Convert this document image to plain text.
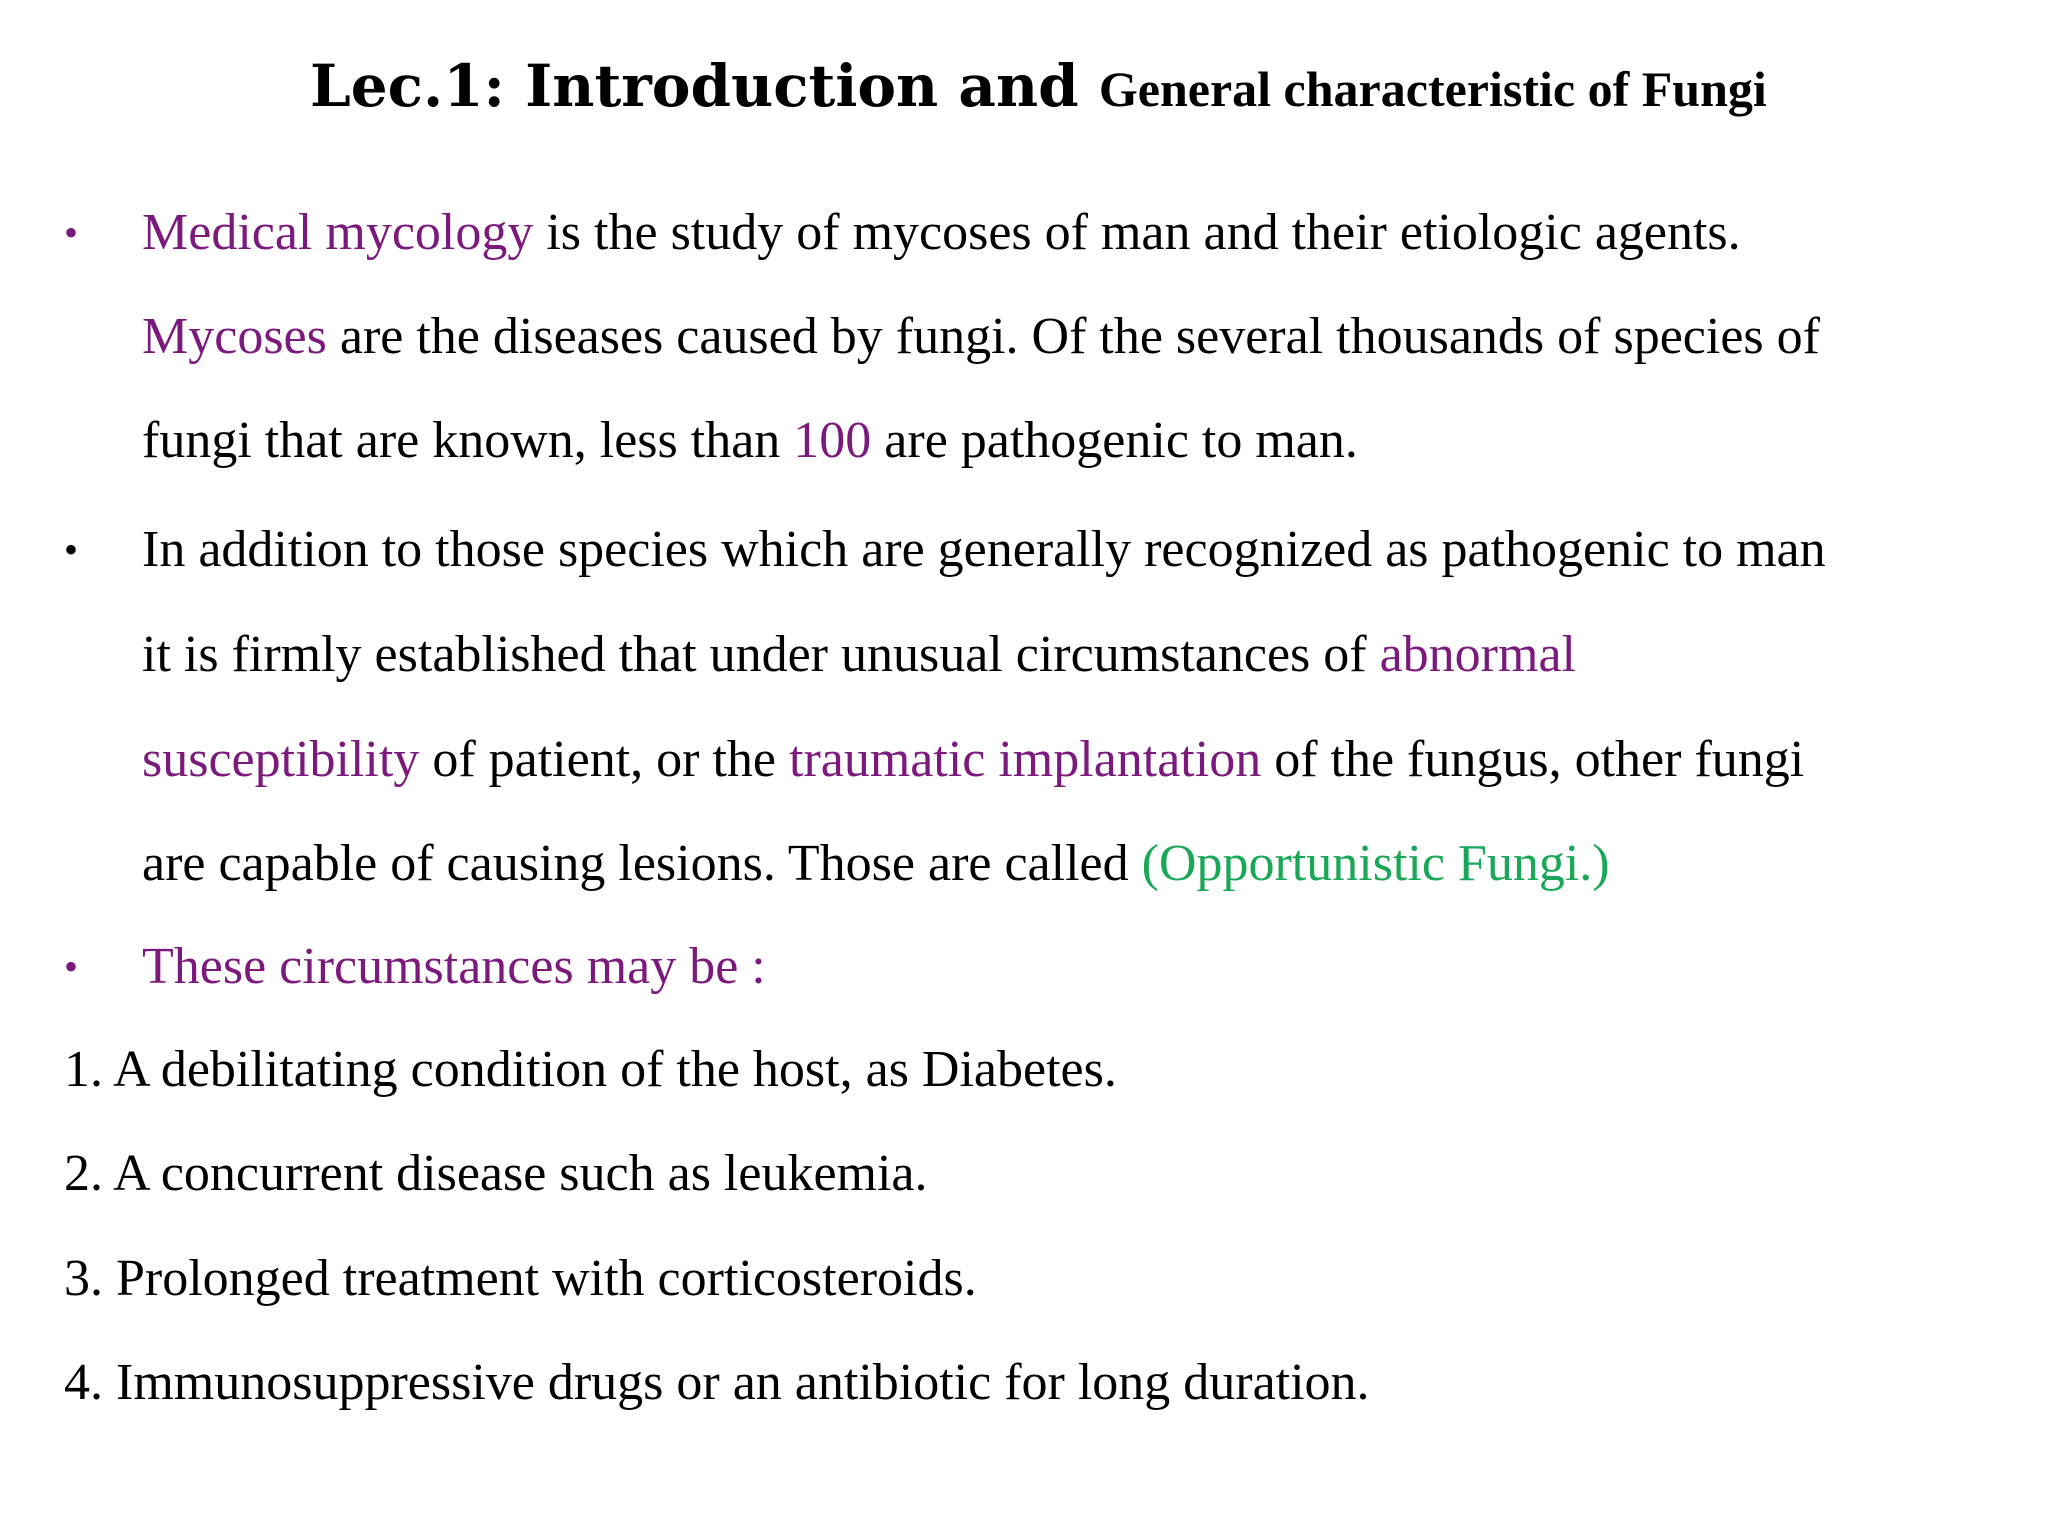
Lec.1: Introduction and General characteristic of Fungi
• Medical mycology is the study of mycoses of man and their etiologic agents.
Mycoses are the diseases caused by fungi. Of the several thousands of species of
fungi that are known, less than 100 are pathogenic to man.
• In addition to those species which are generally recognized as pathogenic to man
it is firmly established that under unusual circumstances of abnormal
susceptibility of patient, or the traumatic implantation of the fungus, other fungi
are capable of causing lesions. Those are called (Opportunistic Fungi.)
• These circumstances may be :
1. A debilitating condition of the host, as Diabetes.
2. A concurrent disease such as leukemia.
3. Prolonged treatment with corticosteroids.
4. Immunosuppressive drugs or an antibiotic for long duration.
